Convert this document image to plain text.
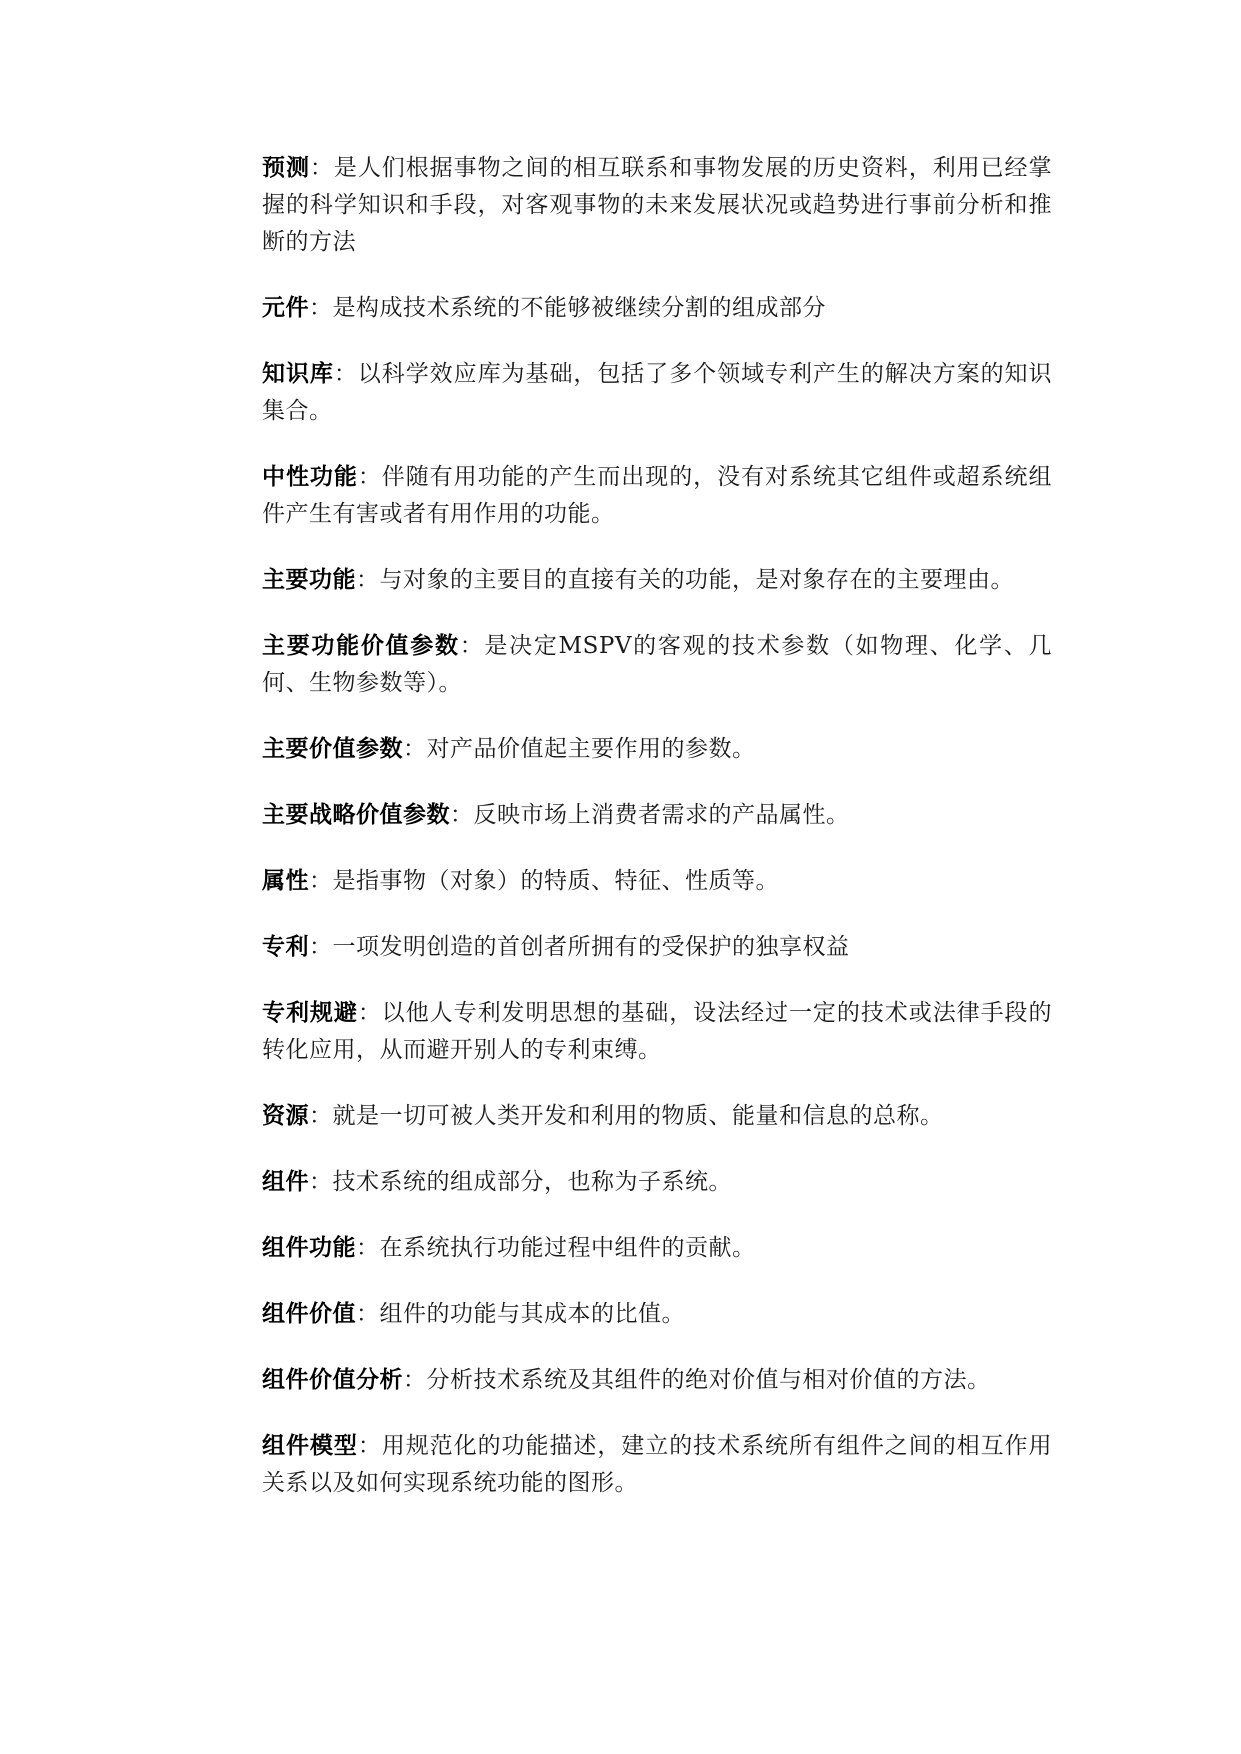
预测：是人们根据事物之间的相互联系和事物发展的历史资料，利用已经掌握的科学知识和手段，对客观事物的未来发展状况或趋势进行事前分析和推断的方法

元件：是构成技术系统的不能够被继续分割的组成部分

知识库：以科学效应库为基础，包括了多个领域专利产生的解决方案的知识集合。

中性功能：伴随有用功能的产生而出现的，没有对系统其它组件或超系统组件产生有害或者有用作用的功能。

主要功能：与对象的主要目的直接有关的功能，是对象存在的主要理由。

主要功能价值参数：是决定MSPV的客观的技术参数（如物理、化学、几何、生物参数等）。

主要价值参数：对产品价值起主要作用的参数。

主要战略价值参数：反映市场上消费者需求的产品属性。

属性：是指事物（对象）的特质、特征、性质等。

专利：一项发明创造的首创者所拥有的受保护的独享权益

专利规避：以他人专利发明思想的基础，设法经过一定的技术或法律手段的转化应用，从而避开别人的专利束缚。

资源：就是一切可被人类开发和利用的物质、能量和信息的总称。

组件：技术系统的组成部分，也称为子系统。

组件功能：在系统执行功能过程中组件的贡献。

组件价值：组件的功能与其成本的比值。

组件价值分析：分析技术系统及其组件的绝对价值与相对价值的方法。

组件模型：用规范化的功能描述，建立的技术系统所有组件之间的相互作用关系以及如何实现系统功能的图形。
